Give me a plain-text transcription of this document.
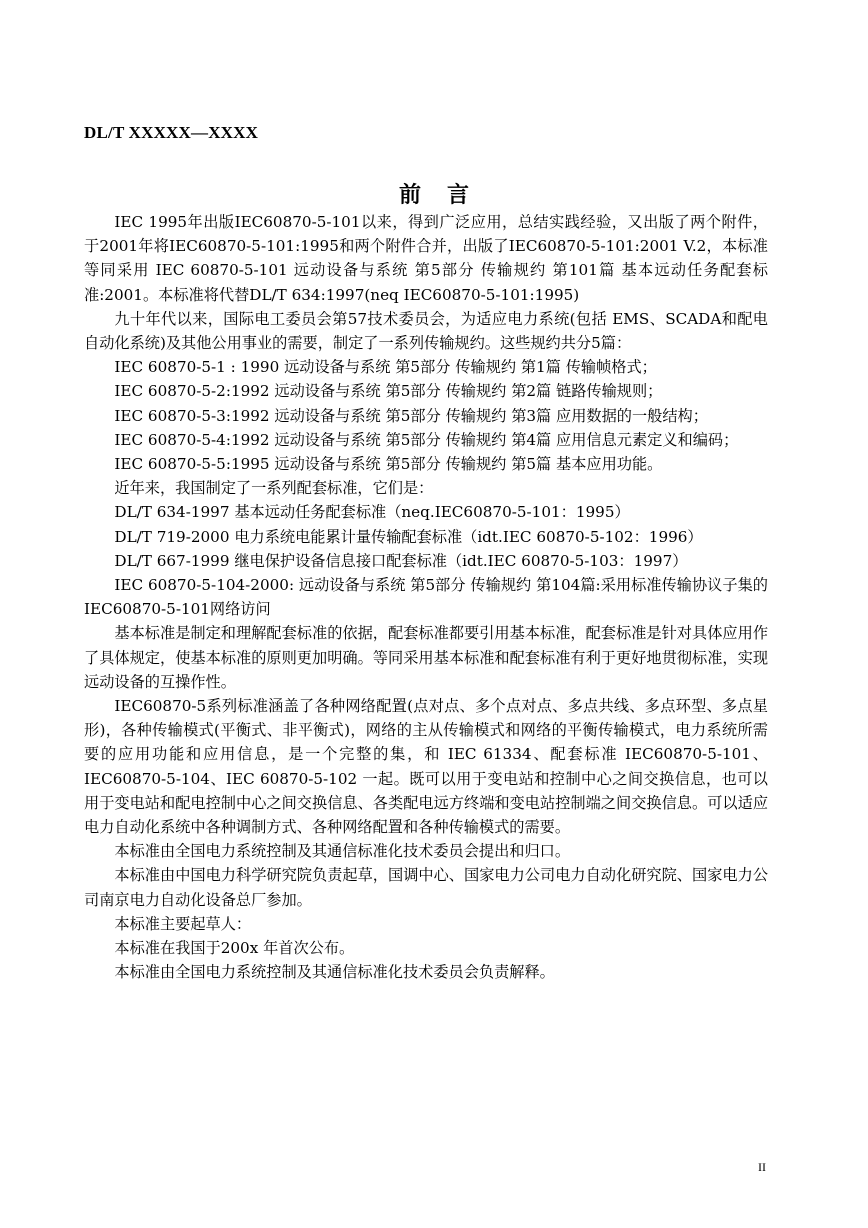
DL/T XXXXX—XXXX
前言

IEC 1995年出版IEC60870-5-101以来，得到广泛应用，总结实践经验，又出版了两个附件，于2001年将IEC60870-5-101:1995和两个附件合并，出版了IEC60870-5-101:2001 V.2，本标准等同采用 IEC 60870-5-101 远动设备与系统 第5部分 传输规约 第101篇 基本远动任务配套标准:2001。本标准将代替DL/T 634:1997(neq IEC60870-5-101:1995)

九十年代以来，国际电工委员会第57技术委员会，为适应电力系统(包括 EMS、SCADA和配电自动化系统)及其他公用事业的需要，制定了一系列传输规约。这些规约共分5篇：

IEC 60870-5-1 : 1990 远动设备与系统 第5部分 传输规约 第1篇 传输帧格式；

IEC 60870-5-2:1992 远动设备与系统 第5部分 传输规约 第2篇 链路传输规则；

IEC 60870-5-3:1992 远动设备与系统 第5部分 传输规约 第3篇 应用数据的一般结构；

IEC 60870-5-4:1992 远动设备与系统 第5部分 传输规约 第4篇 应用信息元素定义和编码；

IEC 60870-5-5:1995 远动设备与系统 第5部分 传输规约 第5篇 基本应用功能。

近年来，我国制定了一系列配套标准，它们是：

DL/T 634-1997 基本远动任务配套标准（neq.IEC60870-5-101：1995）

DL/T 719-2000 电力系统电能累计量传输配套标准（idt.IEC 60870-5-102：1996）

DL/T 667-1999 继电保护设备信息接口配套标准（idt.IEC 60870-5-103：1997）

IEC 60870-5-104-2000: 远动设备与系统 第5部分 传输规约 第104篇:采用标准传输协议子集的IEC60870-5-101网络访问

基本标准是制定和理解配套标准的依据，配套标准都要引用基本标准，配套标准是针对具体应用作了具体规定，使基本标准的原则更加明确。等同采用基本标准和配套标准有利于更好地贯彻标准，实现远动设备的互操作性。

IEC60870-5系列标准涵盖了各种网络配置(点对点、多个点对点、多点共线、多点环型、多点星形)，各种传输模式(平衡式、非平衡式)，网络的主从传输模式和网络的平衡传输模式，电力系统所需要的应用功能和应用信息，是一个完整的集，和 IEC 61334、配套标准 IEC60870-5-101、IEC60870-5-104、IEC 60870-5-102 一起。既可以用于变电站和控制中心之间交换信息，也可以用于变电站和配电控制中心之间交换信息、各类配电远方终端和变电站控制端之间交换信息。可以适应电力自动化系统中各种调制方式、各种网络配置和各种传输模式的需要。

本标准由全国电力系统控制及其通信标准化技术委员会提出和归口。

本标准由中国电力科学研究院负责起草，国调中心、国家电力公司电力自动化研究院、国家电力公司南京电力自动化设备总厂参加。

本标准主要起草人：

本标准在我国于200x 年首次公布。

本标准由全国电力系统控制及其通信标准化技术委员会负责解释。

II
